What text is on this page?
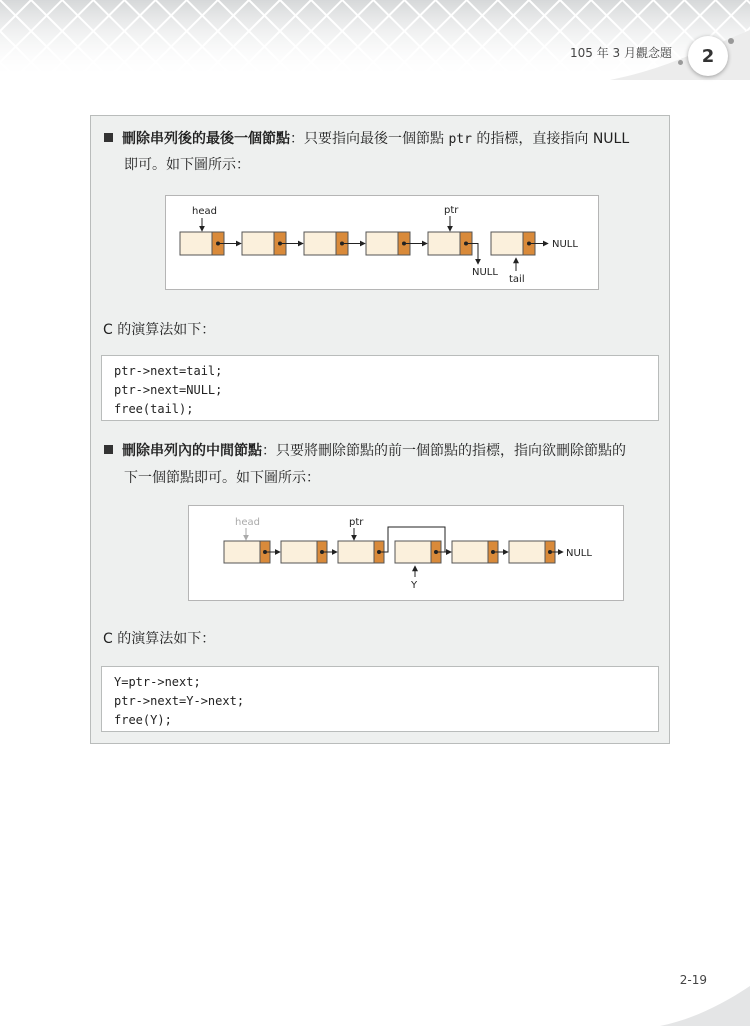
105 年 3 月觀念題	2
刪除串列後的最後一個節點：只要指向最後一個節點 ptr 的指標，直接指向 NULL
即可。如下圖所示：
head	ptr
NULL
NULL
tail
C 的演算法如下：
ptr->next=tail;
ptr->next=NULL;
free(tail);
刪除串列內的中間節點：只要將刪除節點的前一個節點的指標，指向欲刪除節點的
下一個節點即可。如下圖所示：
head	ptr
NULL
Y
C 的演算法如下：
Y=ptr->next;
ptr->next=Y->next;
free(Y);
2-19
